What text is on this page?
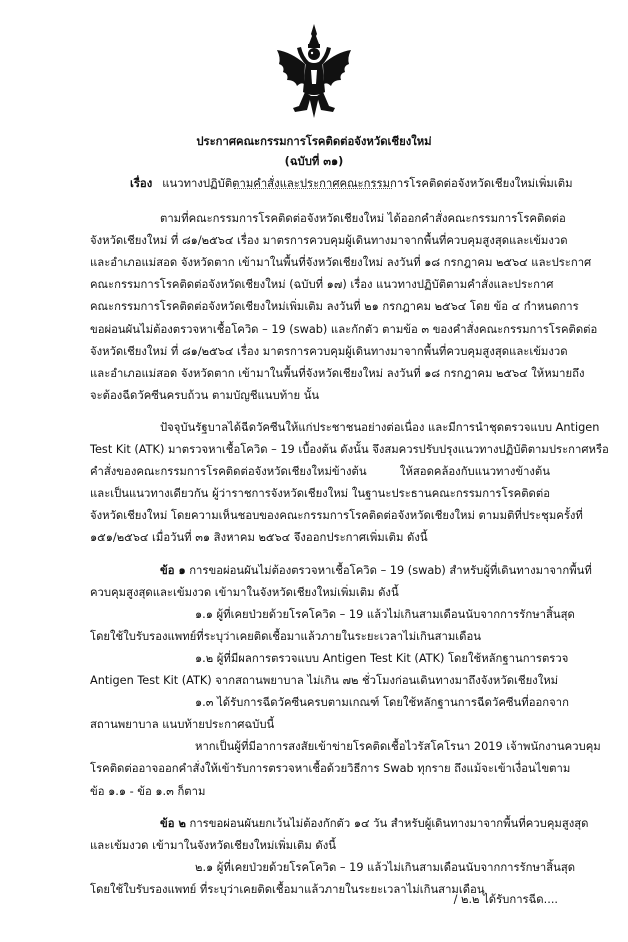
ประกาศคณะกรรมการโรคติดต่อจังหวัดเชียงใหม่
(ฉบับที่ ๓๑)
เรื่อง แนวทางปฏิบัติตามคำสั่งและประกาศคณะกรรมการโรคติดต่อจังหวัดเชียงใหม่เพิ่มเติม
ตามที่คณะกรรมการโรคติดต่อจังหวัดเชียงใหม่ ได้ออกคำสั่งคณะกรรมการโรคติดต่อ
จังหวัดเชียงใหม่ ที่ ๘๑/๒๕๖๔ เรื่อง มาตรการควบคุมผู้เดินทางมาจากพื้นที่ควบคุมสูงสุดและเข้มงวด
และอำเภอแม่สอด จังหวัดตาก เข้ามาในพื้นที่จังหวัดเชียงใหม่ ลงวันที่ ๑๘ กรกฎาคม ๒๕๖๔ และประกาศ
คณะกรรมการโรคติดต่อจังหวัดเชียงใหม่ (ฉบับที่ ๑๗) เรื่อง แนวทางปฏิบัติตามคำสั่งและประกาศ
คณะกรรมการโรคติดต่อจังหวัดเชียงใหม่เพิ่มเติม ลงวันที่ ๒๑ กรกฎาคม ๒๕๖๔ โดย ข้อ ๔ กำหนดการ
ขอผ่อนผันไม่ต้องตรวจหาเชื้อโควิด – 19 (swab) และกักตัว ตามข้อ ๓ ของคำสั่งคณะกรรมการโรคติดต่อ
จังหวัดเชียงใหม่ ที่ ๘๑/๒๕๖๔ เรื่อง มาตรการควบคุมผู้เดินทางมาจากพื้นที่ควบคุมสูงสุดและเข้มงวด
และอำเภอแม่สอด จังหวัดตาก เข้ามาในพื้นที่จังหวัดเชียงใหม่ ลงวันที่ ๑๘ กรกฎาคม ๒๕๖๔ ให้หมายถึง
จะต้องฉีดวัคซีนครบถ้วน ตามบัญชีแนบท้าย นั้น
ปัจจุบันรัฐบาลได้ฉีดวัคซีนให้แก่ประชาชนอย่างต่อเนื่อง และมีการนำชุดตรวจแบบ Antigen
Test Kit (ATK) มาตรวจหาเชื้อโควิด – 19 เบื้องต้น ดังนั้น จึงสมควรปรับปรุงแนวทางปฏิบัติตามประกาศหรือ
คำสั่งของคณะกรรมการโรคติดต่อจังหวัดเชียงใหม่ข้างต้น ให้สอดคล้องกับแนวทางข้างต้น
และเป็นแนวทางเดียวกัน ผู้ว่าราชการจังหวัดเชียงใหม่ ในฐานะประธานคณะกรรมการโรคติดต่อ
จังหวัดเชียงใหม่ โดยความเห็นชอบของคณะกรรมการโรคติดต่อจังหวัดเชียงใหม่ ตามมติที่ประชุมครั้งที่
๑๕๑/๒๕๖๔ เมื่อวันที่ ๓๑ สิงหาคม ๒๕๖๔ จึงออกประกาศเพิ่มเติม ดังนี้
ข้อ ๑ การขอผ่อนผันไม่ต้องตรวจหาเชื้อโควิด – 19 (swab) สำหรับผู้ที่เดินทางมาจากพื้นที่
ควบคุมสูงสุดและเข้มงวด เข้ามาในจังหวัดเชียงใหม่เพิ่มเติม ดังนี้
๑.๑ ผู้ที่เคยป่วยด้วยโรคโควิด – 19 แล้วไม่เกินสามเดือนนับจากการรักษาสิ้นสุด
โดยใช้ใบรับรองแพทย์ที่ระบุว่าเคยติดเชื้อมาแล้วภายในระยะเวลาไม่เกินสามเดือน
๑.๒ ผู้ที่มีผลการตรวจแบบ Antigen Test Kit (ATK) โดยใช้หลักฐานการตรวจ
Antigen Test Kit (ATK) จากสถานพยาบาล ไม่เกิน ๗๒ ชั่วโมงก่อนเดินทางมาถึงจังหวัดเชียงใหม่
๑.๓ ได้รับการฉีดวัคซีนครบตามเกณฑ์ โดยใช้หลักฐานการฉีดวัคซีนที่ออกจาก
สถานพยาบาล แนบท้ายประกาศฉบับนี้
หากเป็นผู้ที่มีอาการสงสัยเข้าข่ายโรคติดเชื้อไวรัสโคโรนา 2019 เจ้าพนักงานควบคุม
โรคติดต่ออาจออกคำสั่งให้เข้ารับการตรวจหาเชื้อด้วยวิธีการ Swab ทุกราย ถึงแม้จะเข้าเงื่อนไขตาม
ข้อ ๑.๑ - ข้อ ๑.๓ ก็ตาม
ข้อ ๒ การขอผ่อนผันยกเว้นไม่ต้องกักตัว ๑๔ วัน สำหรับผู้เดินทางมาจากพื้นที่ควบคุมสูงสุด
และเข้มงวด เข้ามาในจังหวัดเชียงใหม่เพิ่มเติม ดังนี้
๒.๑ ผู้ที่เคยป่วยด้วยโรคโควิด – 19 แล้วไม่เกินสามเดือนนับจากการรักษาสิ้นสุด
โดยใช้ใบรับรองแพทย์ ที่ระบุว่าเคยติดเชื้อมาแล้วภายในระยะเวลาไม่เกินสามเดือน
/ ๒.๒ ได้รับการฉีด....
